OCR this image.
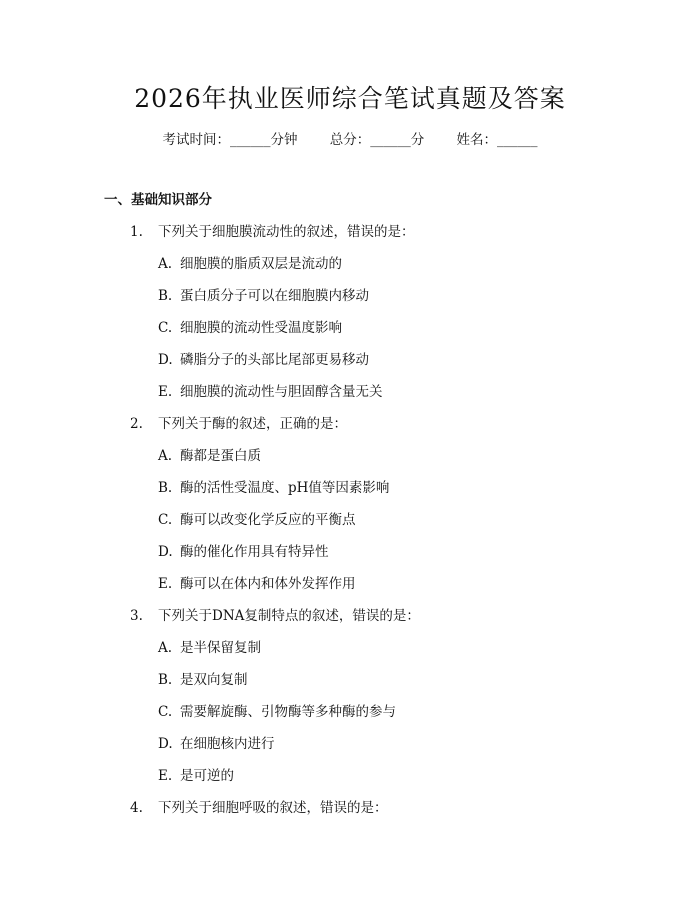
2026年执业医师综合笔试真题及答案
考试时间：______分钟 总分：______分 姓名：______
一、基础知识部分
1. 下列关于细胞膜流动性的叙述，错误的是：
A. 细胞膜的脂质双层是流动的
B. 蛋白质分子可以在细胞膜内移动
C. 细胞膜的流动性受温度影响
D. 磷脂分子的头部比尾部更易移动
E. 细胞膜的流动性与胆固醇含量无关
2. 下列关于酶的叙述，正确的是：
A. 酶都是蛋白质
B. 酶的活性受温度、pH值等因素影响
C. 酶可以改变化学反应的平衡点
D. 酶的催化作用具有特异性
E. 酶可以在体内和体外发挥作用
3. 下列关于DNA复制特点的叙述，错误的是：
A. 是半保留复制
B. 是双向复制
C. 需要解旋酶、引物酶等多种酶的参与
D. 在细胞核内进行
E. 是可逆的
4. 下列关于细胞呼吸的叙述，错误的是：
